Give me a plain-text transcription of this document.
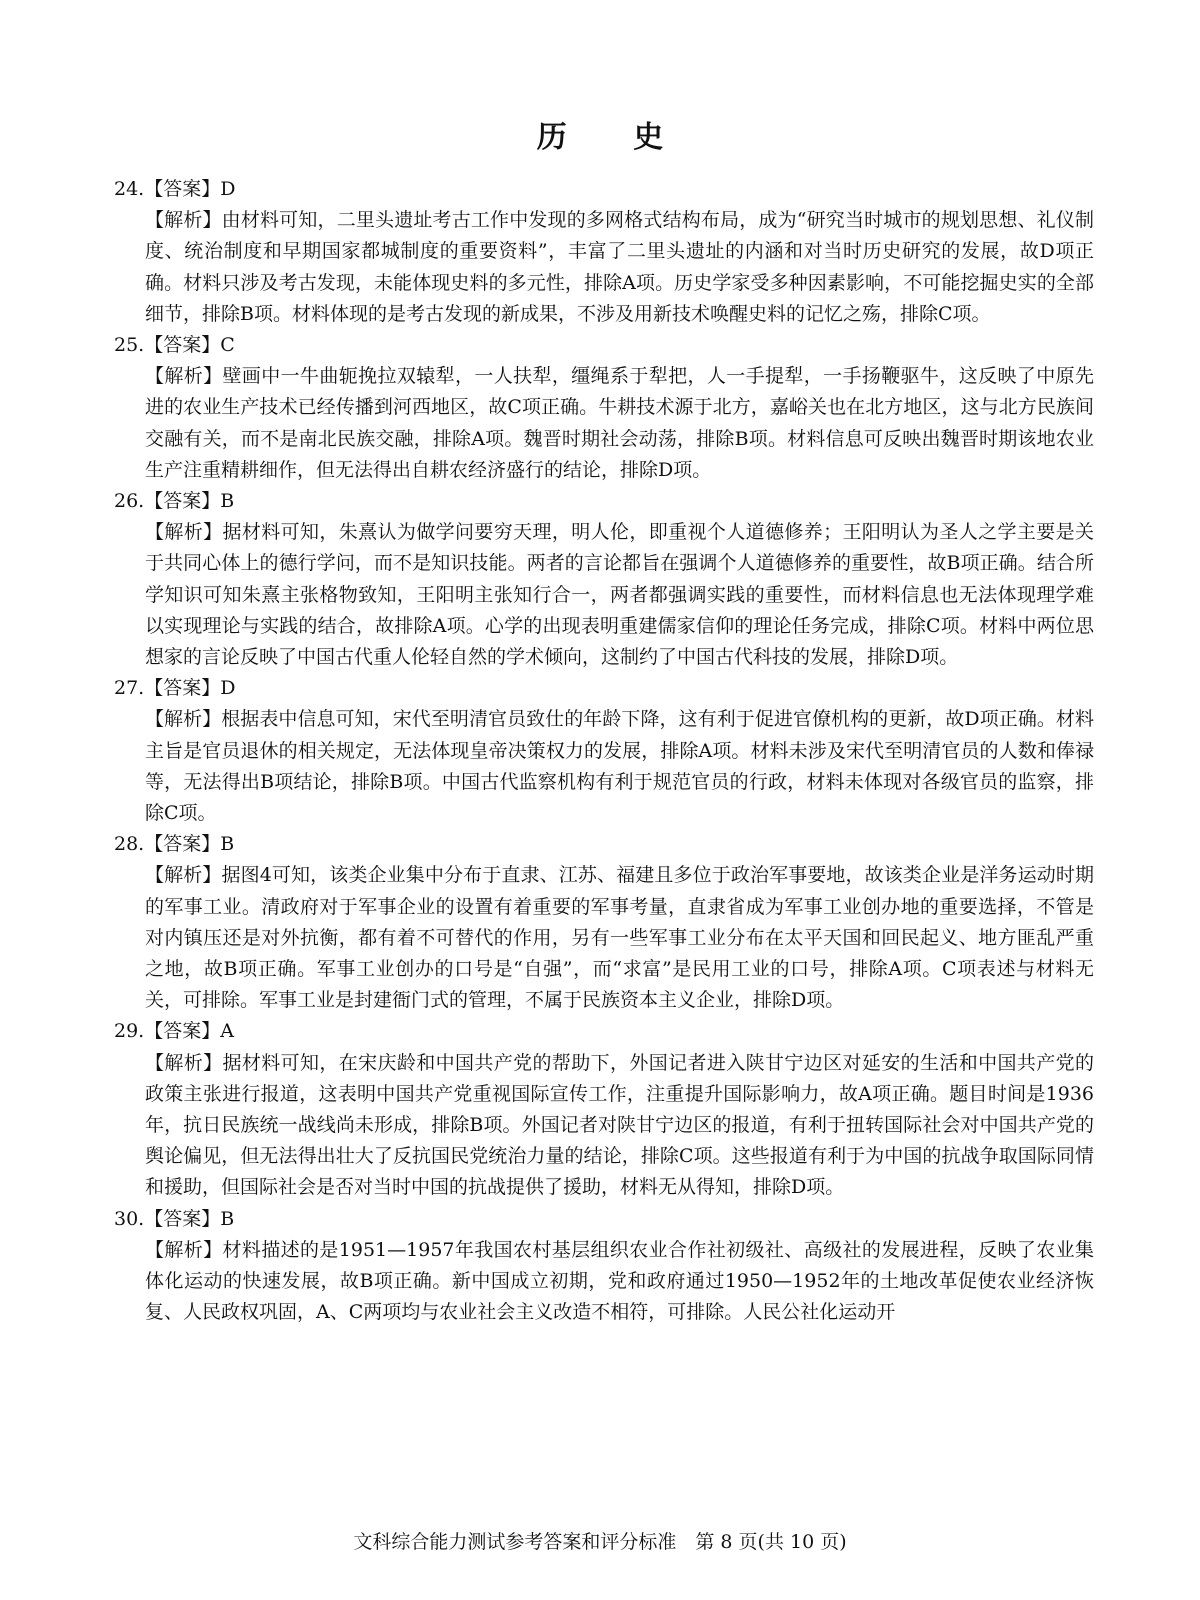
历 史
24.【答案】D

【解析】由材料可知，二里头遗址考古工作中发现的多网格式结构布局，成为“研究当时城市的规划思想、礼仪制度、统治制度和早期国家都城制度的重要资料”，丰富了二里头遗址的内涵和对当时历史研究的发展，故D项正确。材料只涉及考古发现，未能体现史料的多元性，排除A项。历史学家受多种因素影响，不可能挖掘史实的全部细节，排除B项。材料体现的是考古发现的新成果，不涉及用新技术唤醒史料的记忆之殇，排除C项。

25.【答案】C

【解析】壁画中一牛曲轭挽拉双辕犁，一人扶犁，缰绳系于犁把，人一手提犁，一手扬鞭驱牛，这反映了中原先进的农业生产技术已经传播到河西地区，故C项正确。牛耕技术源于北方，嘉峪关也在北方地区，这与北方民族间交融有关，而不是南北民族交融，排除A项。魏晋时期社会动荡，排除B项。材料信息可反映出魏晋时期该地农业生产注重精耕细作，但无法得出自耕农经济盛行的结论，排除D项。

26.【答案】B

【解析】据材料可知，朱熹认为做学问要穷天理，明人伦，即重视个人道德修养；王阳明认为圣人之学主要是关于共同心体上的德行学问，而不是知识技能。两者的言论都旨在强调个人道德修养的重要性，故B项正确。结合所学知识可知朱熹主张格物致知，王阳明主张知行合一，两者都强调实践的重要性，而材料信息也无法体现理学难以实现理论与实践的结合，故排除A项。心学的出现表明重建儒家信仰的理论任务完成，排除C项。材料中两位思想家的言论反映了中国古代重人伦轻自然的学术倾向，这制约了中国古代科技的发展，排除D项。

27.【答案】D

【解析】根据表中信息可知，宋代至明清官员致仕的年龄下降，这有利于促进官僚机构的更新，故D项正确。材料主旨是官员退休的相关规定，无法体现皇帝决策权力的发展，排除A项。材料未涉及宋代至明清官员的人数和俸禄等，无法得出B项结论，排除B项。中国古代监察机构有利于规范官员的行政，材料未体现对各级官员的监察，排除C项。

28.【答案】B

【解析】据图4可知，该类企业集中分布于直隶、江苏、福建且多位于政治军事要地，故该类企业是洋务运动时期的军事工业。清政府对于军事企业的设置有着重要的军事考量，直隶省成为军事工业创办地的重要选择，不管是对内镇压还是对外抗衡，都有着不可替代的作用，另有一些军事工业分布在太平天国和回民起义、地方匪乱严重之地，故B项正确。军事工业创办的口号是“自强”，而“求富”是民用工业的口号，排除A项。C项表述与材料无关，可排除。军事工业是封建衙门式的管理，不属于民族资本主义企业，排除D项。

29.【答案】A

【解析】据材料可知，在宋庆龄和中国共产党的帮助下，外国记者进入陕甘宁边区对延安的生活和中国共产党的政策主张进行报道，这表明中国共产党重视国际宣传工作，注重提升国际影响力，故A项正确。题目时间是1936年，抗日民族统一战线尚未形成，排除B项。外国记者对陕甘宁边区的报道，有利于扭转国际社会对中国共产党的舆论偏见，但无法得出壮大了反抗国民党统治力量的结论，排除C项。这些报道有利于为中国的抗战争取国际同情和援助，但国际社会是否对当时中国的抗战提供了援助，材料无从得知，排除D项。

30.【答案】B

【解析】材料描述的是1951—1957年我国农村基层组织农业合作社初级社、高级社的发展进程，反映了农业集体化运动的快速发展，故B项正确。新中国成立初期，党和政府通过1950—1952年的土地改革促使农业经济恢复、人民政权巩固，A、C两项均与农业社会主义改造不相符，可排除。人民公社化运动开

文科综合能力测试参考答案和评分标准　第 8 页(共 10 页)
